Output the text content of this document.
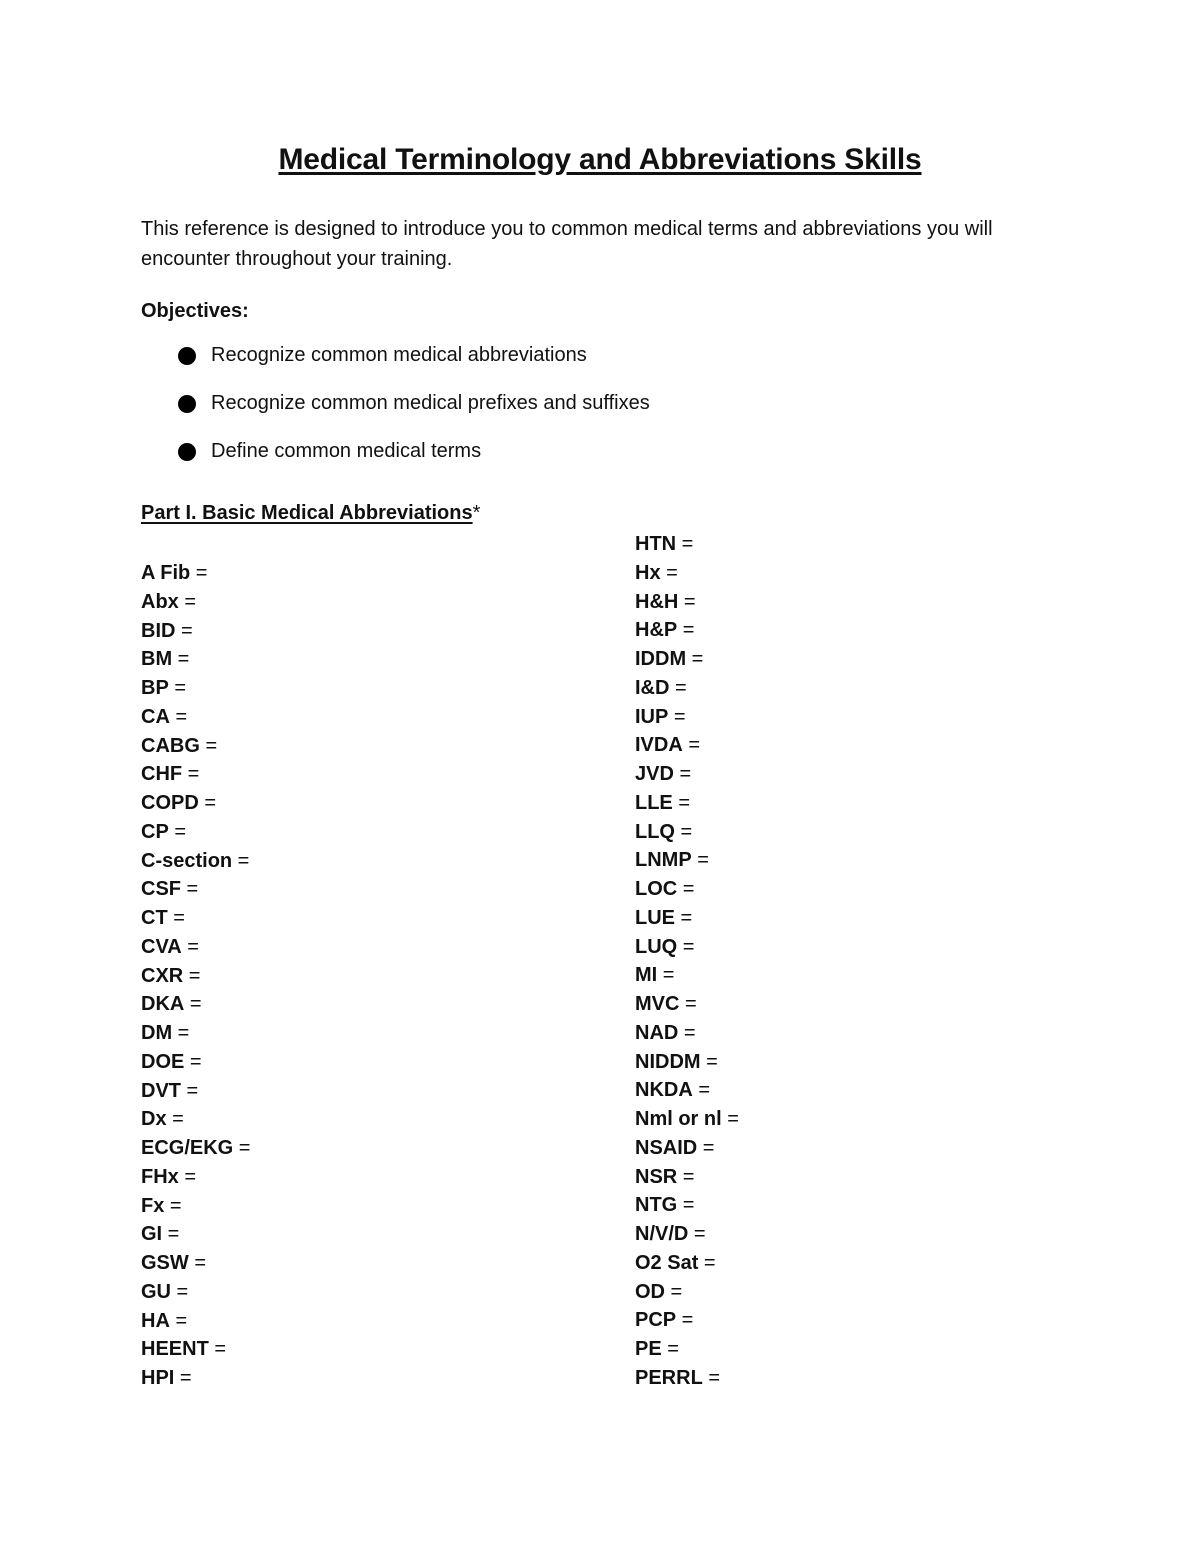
Medical Terminology and Abbreviations Skills

This reference is designed to introduce you to common medical terms and abbreviations you will encounter throughout your training.

Objectives:

Recognize common medical abbreviations
Recognize common medical prefixes and suffixes
Define common medical terms

Part I. Basic Medical Abbreviations*

A Fib =
Abx =
BID =
BM =
BP =
CA =
CABG =
CHF =
COPD =
CP =
C-section =
CSF =
CT =
CVA =
CXR =
DKA =
DM =
DOE =
DVT =
Dx =
ECG/EKG =
FHx =
Fx =
GI =
GSW =
GU =
HA =
HEENT =
HPI =
HTN =
Hx =
H&H =
H&P =
IDDM =
I&D =
IUP =
IVDA =
JVD =
LLE =
LLQ =
LNMP =
LOC =
LUE =
LUQ =
MI =
MVC =
NAD =
NIDDM =
NKDA =
Nml or nl =
NSAID =
NSR =
NTG =
N/V/D =
O2 Sat =
OD =
PCP =
PE =
PERRL =
